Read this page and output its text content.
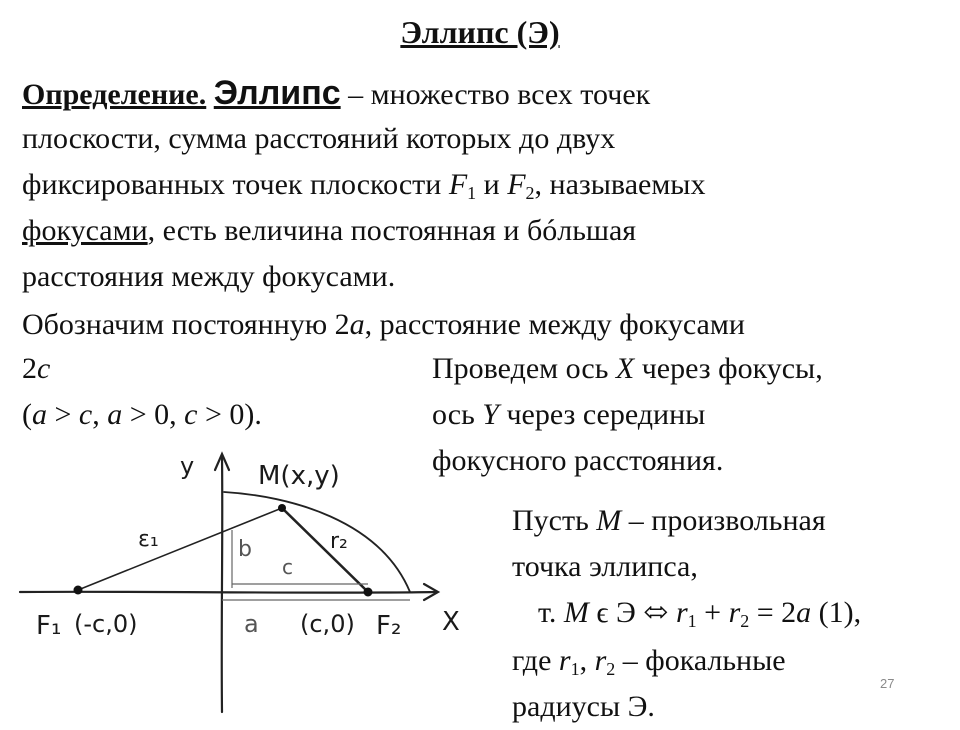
Эллипс (Э)
Определение. Эллипс – множество всех точек
плоскости, сумма расстояний которых до двух
фиксированных точек плоскости $F_1$ и $F_2$, называемых
фокусами, есть величина постоянная и бóльшая
расстояния между фокусами.
Обозначим постоянную 2a, расстояние между фокусами
2c
(a > c, a > 0, c > 0).
Проведем ось X через фокусы,
ось Y через середины
фокусного расстояния.
Пусть M – произвольная
точка эллипса,
т. M ϵ Э ⬄ $r_1 + r_2 = 2a$ (1),
где $r_1$, $r_2$ – фокальные
радиусы Э.
y
X
M(x,y)
ε₁	r₂
b
c
a
F₁ (-c,0)	(c,0) F₂
27
